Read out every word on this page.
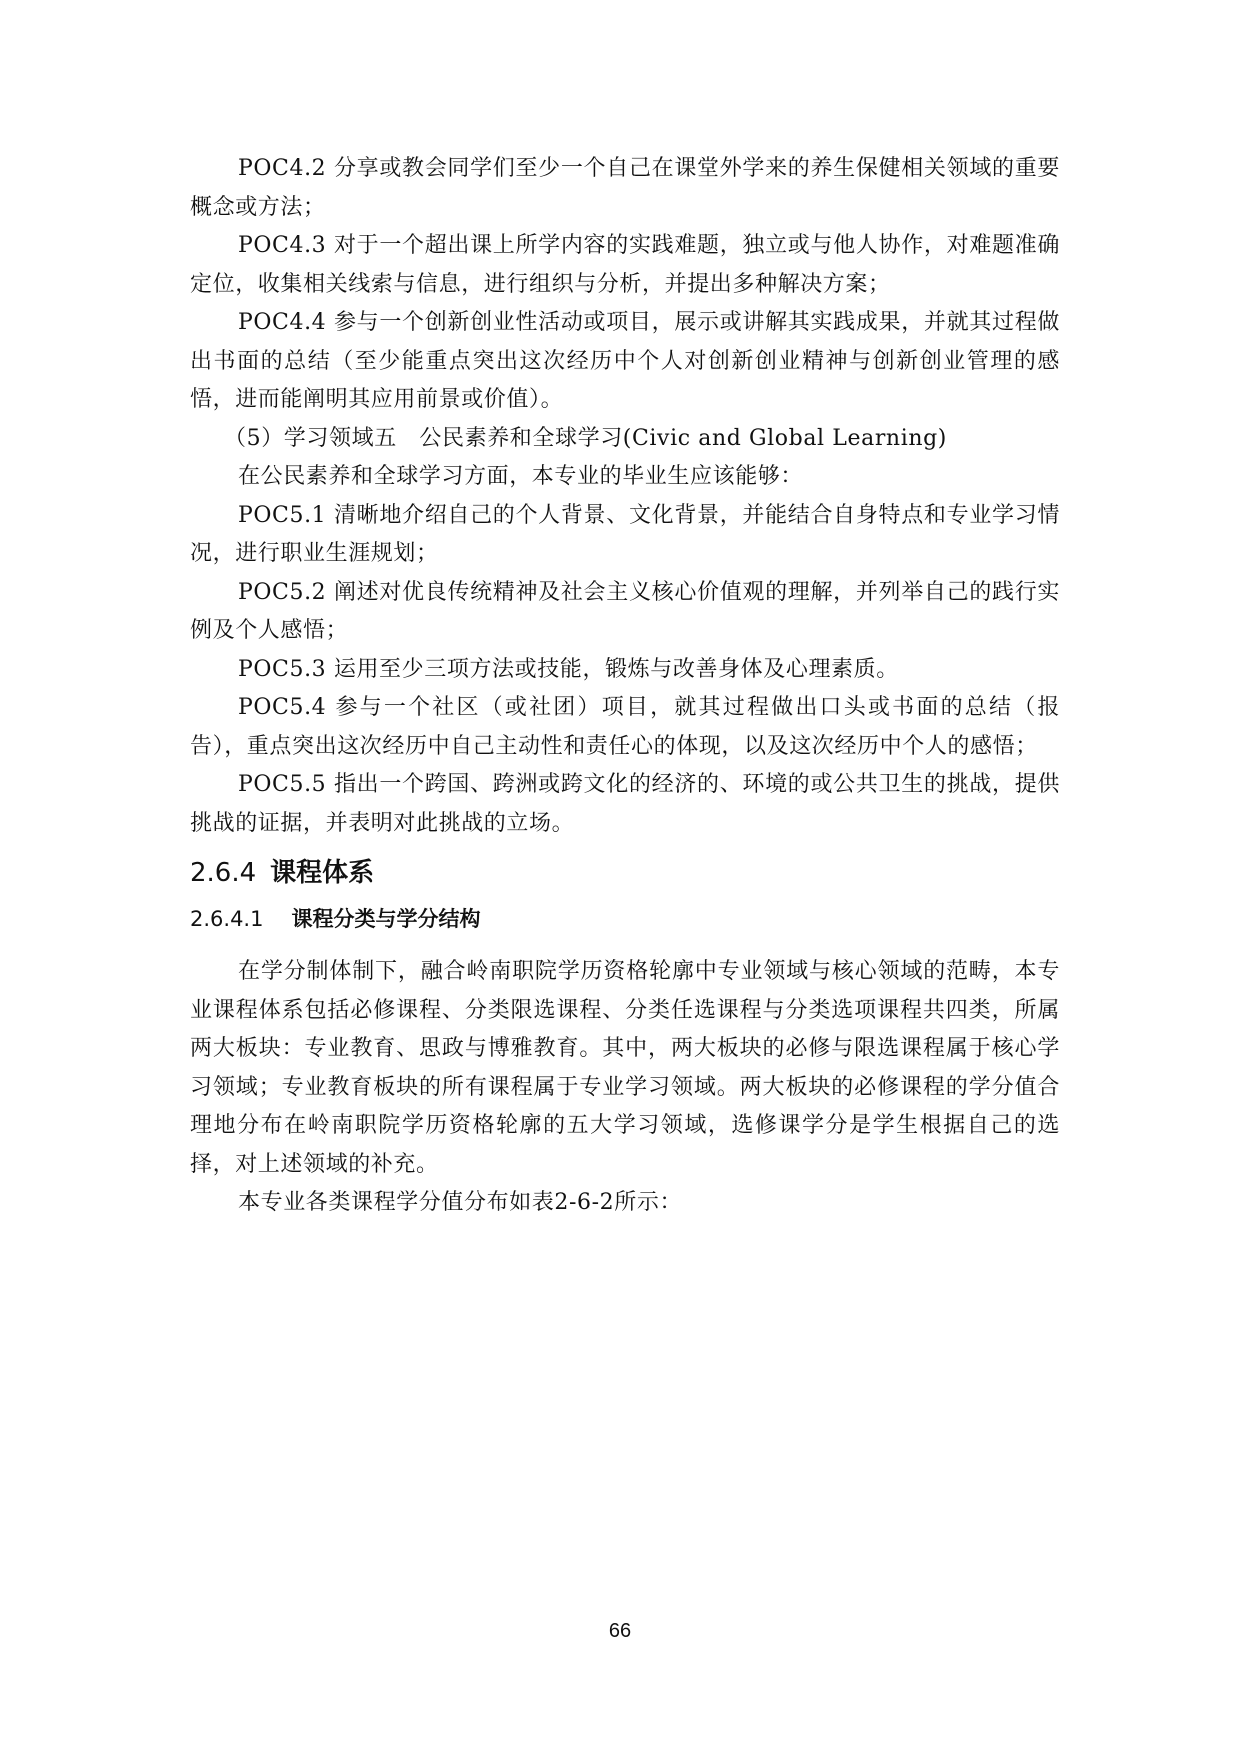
POC4.2 分享或教会同学们至少一个自己在课堂外学来的养生保健相关领域的重要概念或方法；

POC4.3 对于一个超出课上所学内容的实践难题，独立或与他人协作，对难题准确定位，收集相关线索与信息，进行组织与分析，并提出多种解决方案；

POC4.4 参与一个创新创业性活动或项目，展示或讲解其实践成果，并就其过程做出书面的总结（至少能重点突出这次经历中个人对创新创业精神与创新创业管理的感悟，进而能阐明其应用前景或价值）。

（5）学习领域五　公民素养和全球学习(Civic and Global Learning)

在公民素养和全球学习方面，本专业的毕业生应该能够：

POC5.1 清晰地介绍自己的个人背景、文化背景，并能结合自身特点和专业学习情况，进行职业生涯规划；

POC5.2 阐述对优良传统精神及社会主义核心价值观的理解，并列举自己的践行实例及个人感悟；

POC5.3 运用至少三项方法或技能，锻炼与改善身体及心理素质。

POC5.4 参与一个社区（或社团）项目，就其过程做出口头或书面的总结（报告），重点突出这次经历中自己主动性和责任心的体现，以及这次经历中个人的感悟；

POC5.5 指出一个跨国、跨洲或跨文化的经济的、环境的或公共卫生的挑战，提供挑战的证据，并表明对此挑战的立场。

2.6.4 课程体系
2.6.4.1 课程分类与学分结构

在学分制体制下，融合岭南职院学历资格轮廓中专业领域与核心领域的范畴，本专业课程体系包括必修课程、分类限选课程、分类任选课程与分类选项课程共四类，所属两大板块：专业教育、思政与博雅教育。其中，两大板块的必修与限选课程属于核心学习领域；专业教育板块的所有课程属于专业学习领域。两大板块的必修课程的学分值合理地分布在岭南职院学历资格轮廓的五大学习领域，选修课学分是学生根据自己的选择，对上述领域的补充。

本专业各类课程学分值分布如表2-6-2所示：

66
